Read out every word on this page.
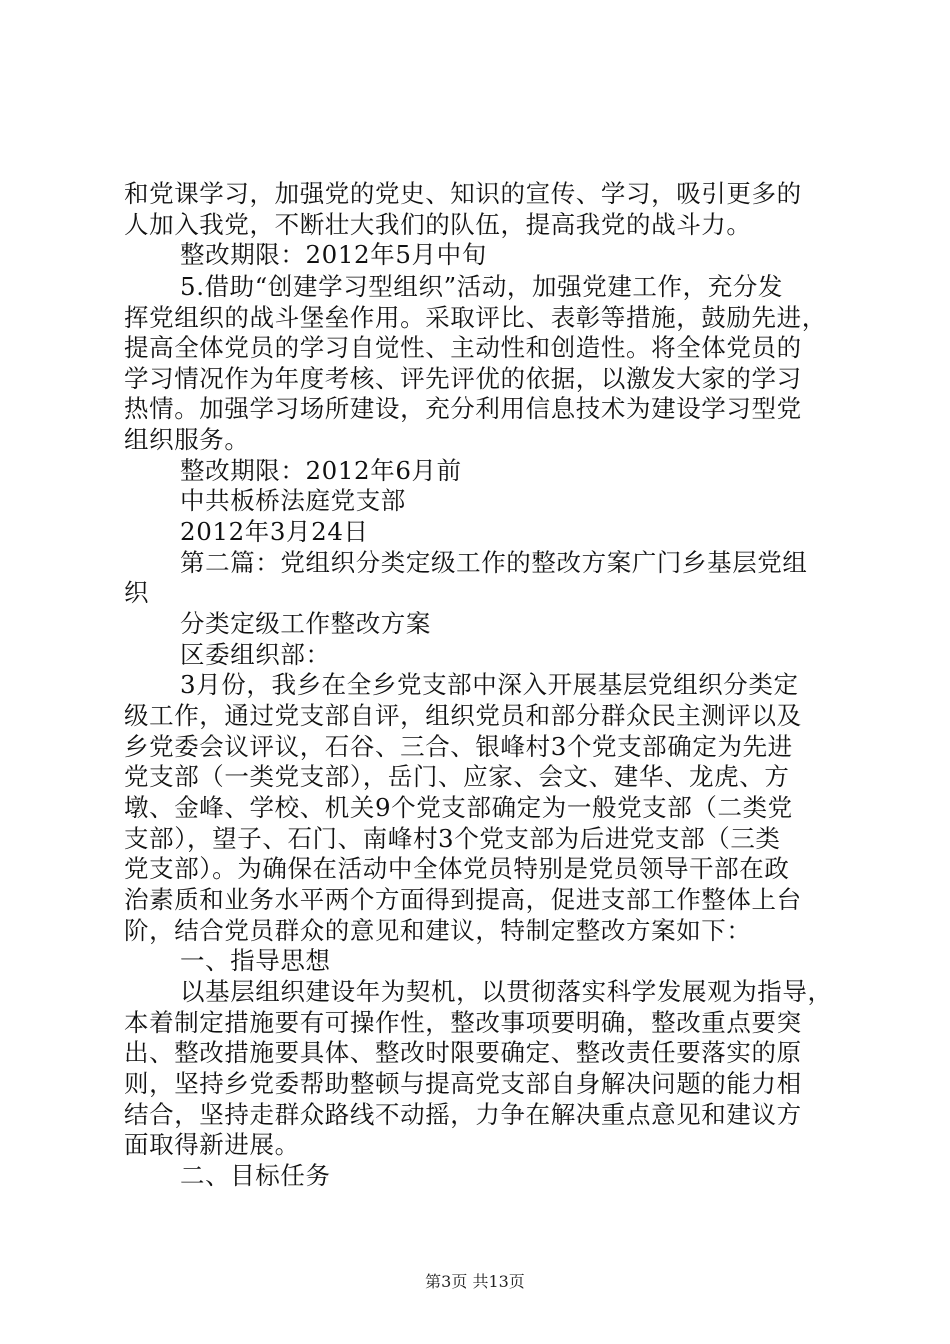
和党课学习，加强党的党史、知识的宣传、学习，吸引更多的
人加入我党，不断壮大我们的队伍，提高我党的战斗力。
整改期限：2012年5月中旬
5.借助“创建学习型组织”活动，加强党建工作，充分发
挥党组织的战斗堡垒作用。采取评比、表彰等措施，鼓励先进，
提高全体党员的学习自觉性、主动性和创造性。将全体党员的
学习情况作为年度考核、评先评优的依据，以激发大家的学习
热情。加强学习场所建设，充分利用信息技术为建设学习型党
组织服务。
整改期限：2012年6月前
中共板桥法庭党支部
2012年3月24日
第二篇：党组织分类定级工作的整改方案广门乡基层党组
织
分类定级工作整改方案
区委组织部：
3月份，我乡在全乡党支部中深入开展基层党组织分类定
级工作，通过党支部自评，组织党员和部分群众民主测评以及
乡党委会议评议，石谷、三合、银峰村3个党支部确定为先进
党支部（一类党支部），岳门、应家、会文、建华、龙虎、方
墩、金峰、学校、机关9个党支部确定为一般党支部（二类党
支部），望子、石门、南峰村3个党支部为后进党支部（三类
党支部）。为确保在活动中全体党员特别是党员领导干部在政
治素质和业务水平两个方面得到提高，促进支部工作整体上台
阶，结合党员群众的意见和建议，特制定整改方案如下：
一、指导思想
以基层组织建设年为契机，以贯彻落实科学发展观为指导，
本着制定措施要有可操作性，整改事项要明确，整改重点要突
出、整改措施要具体、整改时限要确定、整改责任要落实的原
则，坚持乡党委帮助整顿与提高党支部自身解决问题的能力相
结合，坚持走群众路线不动摇，力争在解决重点意见和建议方
面取得新进展。
二、目标任务
第3页 共13页
